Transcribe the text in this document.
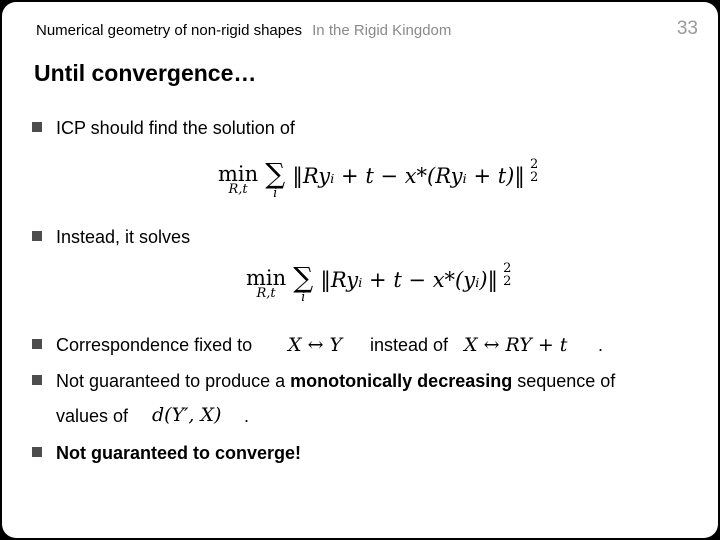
Numerical geometry of non-rigid shapes In the Rigid Kingdom	33
Until convergence…
ICP should find the solution of
min
R,t
∑
i
‖Ryᵢ + t − x*(Ryᵢ + t)‖ 2
2
Instead, it solves
min
R,t
∑
i
‖Ryᵢ + t − x*(yᵢ)‖ 2
2
Correspondence fixed to X ↔ Y instead of X ↔ RY + t .
Not guaranteed to produce a monotonically decreasing sequence of
values of d(Y′, X) .
Not guaranteed to converge!
